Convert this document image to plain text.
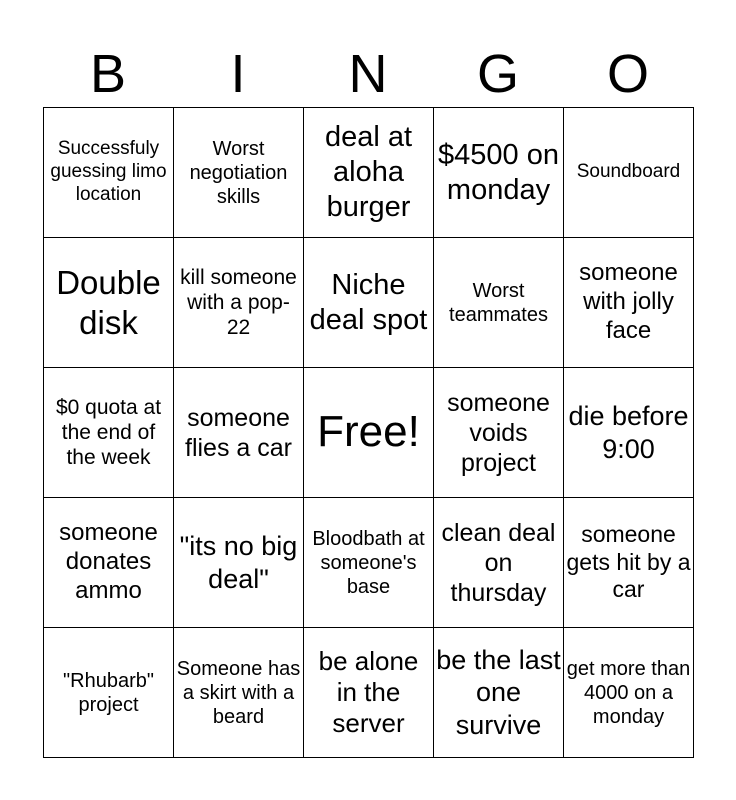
B	I	N	G	O
Successfuly guessing limo location	Worst negotiation skills	deal at aloha burger	$4500 on monday	Soundboard
Double disk	kill someone with a pop-22	Niche deal spot	Worst teammates	someone with jolly face
$0 quota at the end of the week	someone flies a car	Free!	someone voids project	die before 9:00
someone donates ammo	"its no big deal"	Bloodbath at someone's base	clean deal on thursday	someone gets hit by a car
"Rhubarb" project	Someone has a skirt with a beard	be alone in the server	be the last one survive	get more than 4000 on a monday
